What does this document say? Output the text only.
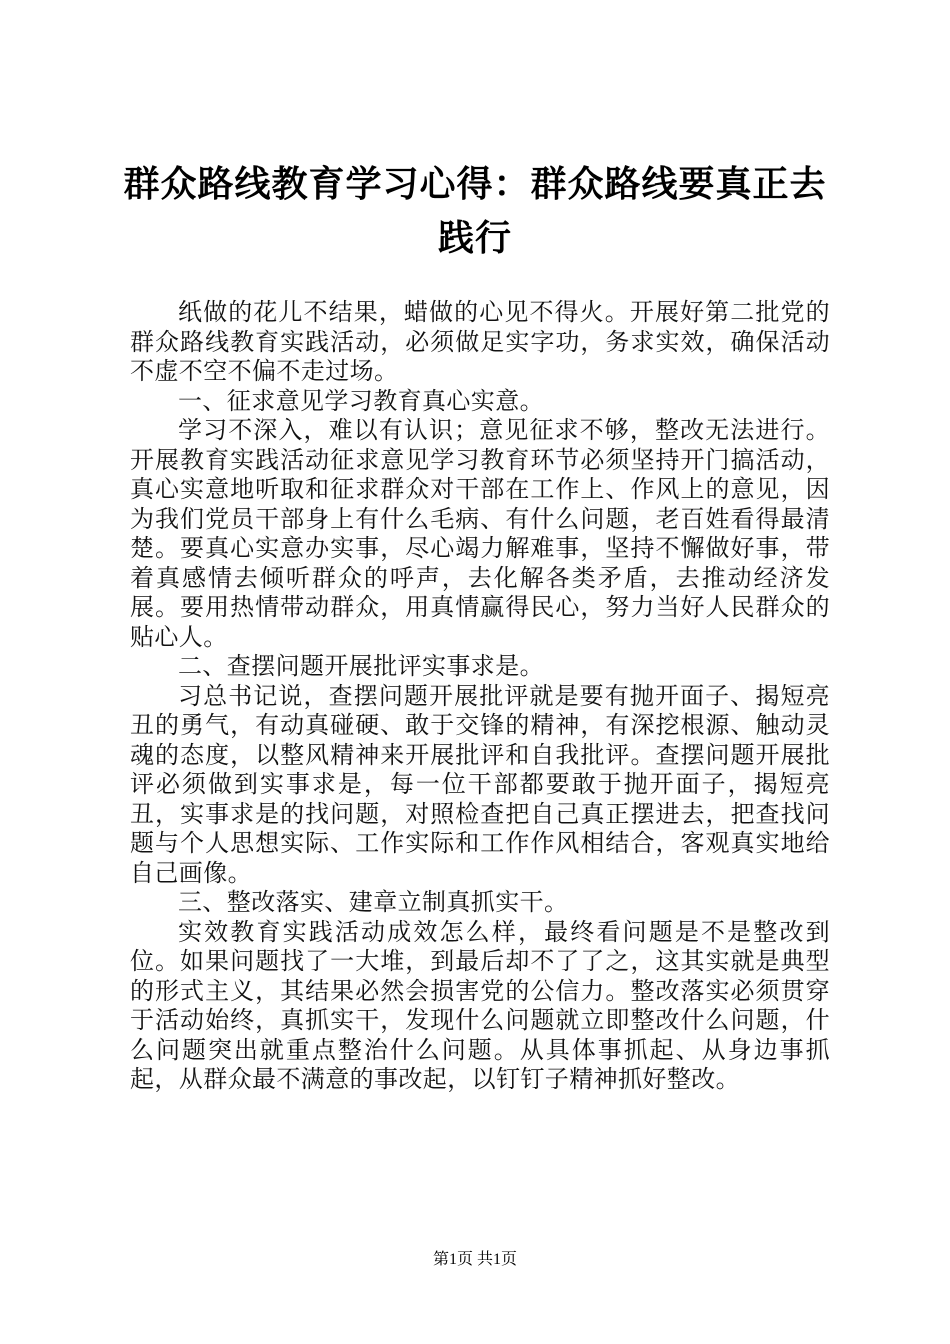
群众路线教育学习心得：群众路线要真正去践行

纸做的花儿不结果，蜡做的心见不得火。开展好第二批党的群众路线教育实践活动，必须做足实字功，务求实效，确保活动不虚不空不偏不走过场。

一、征求意见学习教育真心实意。

学习不深入，难以有认识；意见征求不够，整改无法进行。开展教育实践活动征求意见学习教育环节必须坚持开门搞活动，真心实意地听取和征求群众对干部在工作上、作风上的意见，因为我们党员干部身上有什么毛病、有什么问题，老百姓看得最清楚。要真心实意办实事，尽心竭力解难事，坚持不懈做好事，带着真感情去倾听群众的呼声，去化解各类矛盾，去推动经济发展。要用热情带动群众，用真情赢得民心，努力当好人民群众的贴心人。

二、查摆问题开展批评实事求是。

习总书记说，查摆问题开展批评就是要有抛开面子、揭短亮丑的勇气，有动真碰硬、敢于交锋的精神，有深挖根源、触动灵魂的态度，以整风精神来开展批评和自我批评。查摆问题开展批评必须做到实事求是，每一位干部都要敢于抛开面子，揭短亮丑，实事求是的找问题，对照检查把自己真正摆进去，把查找问题与个人思想实际、工作实际和工作作风相结合，客观真实地给自己画像。

三、整改落实、建章立制真抓实干。

实效教育实践活动成效怎么样，最终看问题是不是整改到位。如果问题找了一大堆，到最后却不了了之，这其实就是典型的形式主义，其结果必然会损害党的公信力。整改落实必须贯穿于活动始终，真抓实干，发现什么问题就立即整改什么问题，什么问题突出就重点整治什么问题。从具体事抓起、从身边事抓起，从群众最不满意的事改起，以钉钉子精神抓好整改。

第1页 共1页
